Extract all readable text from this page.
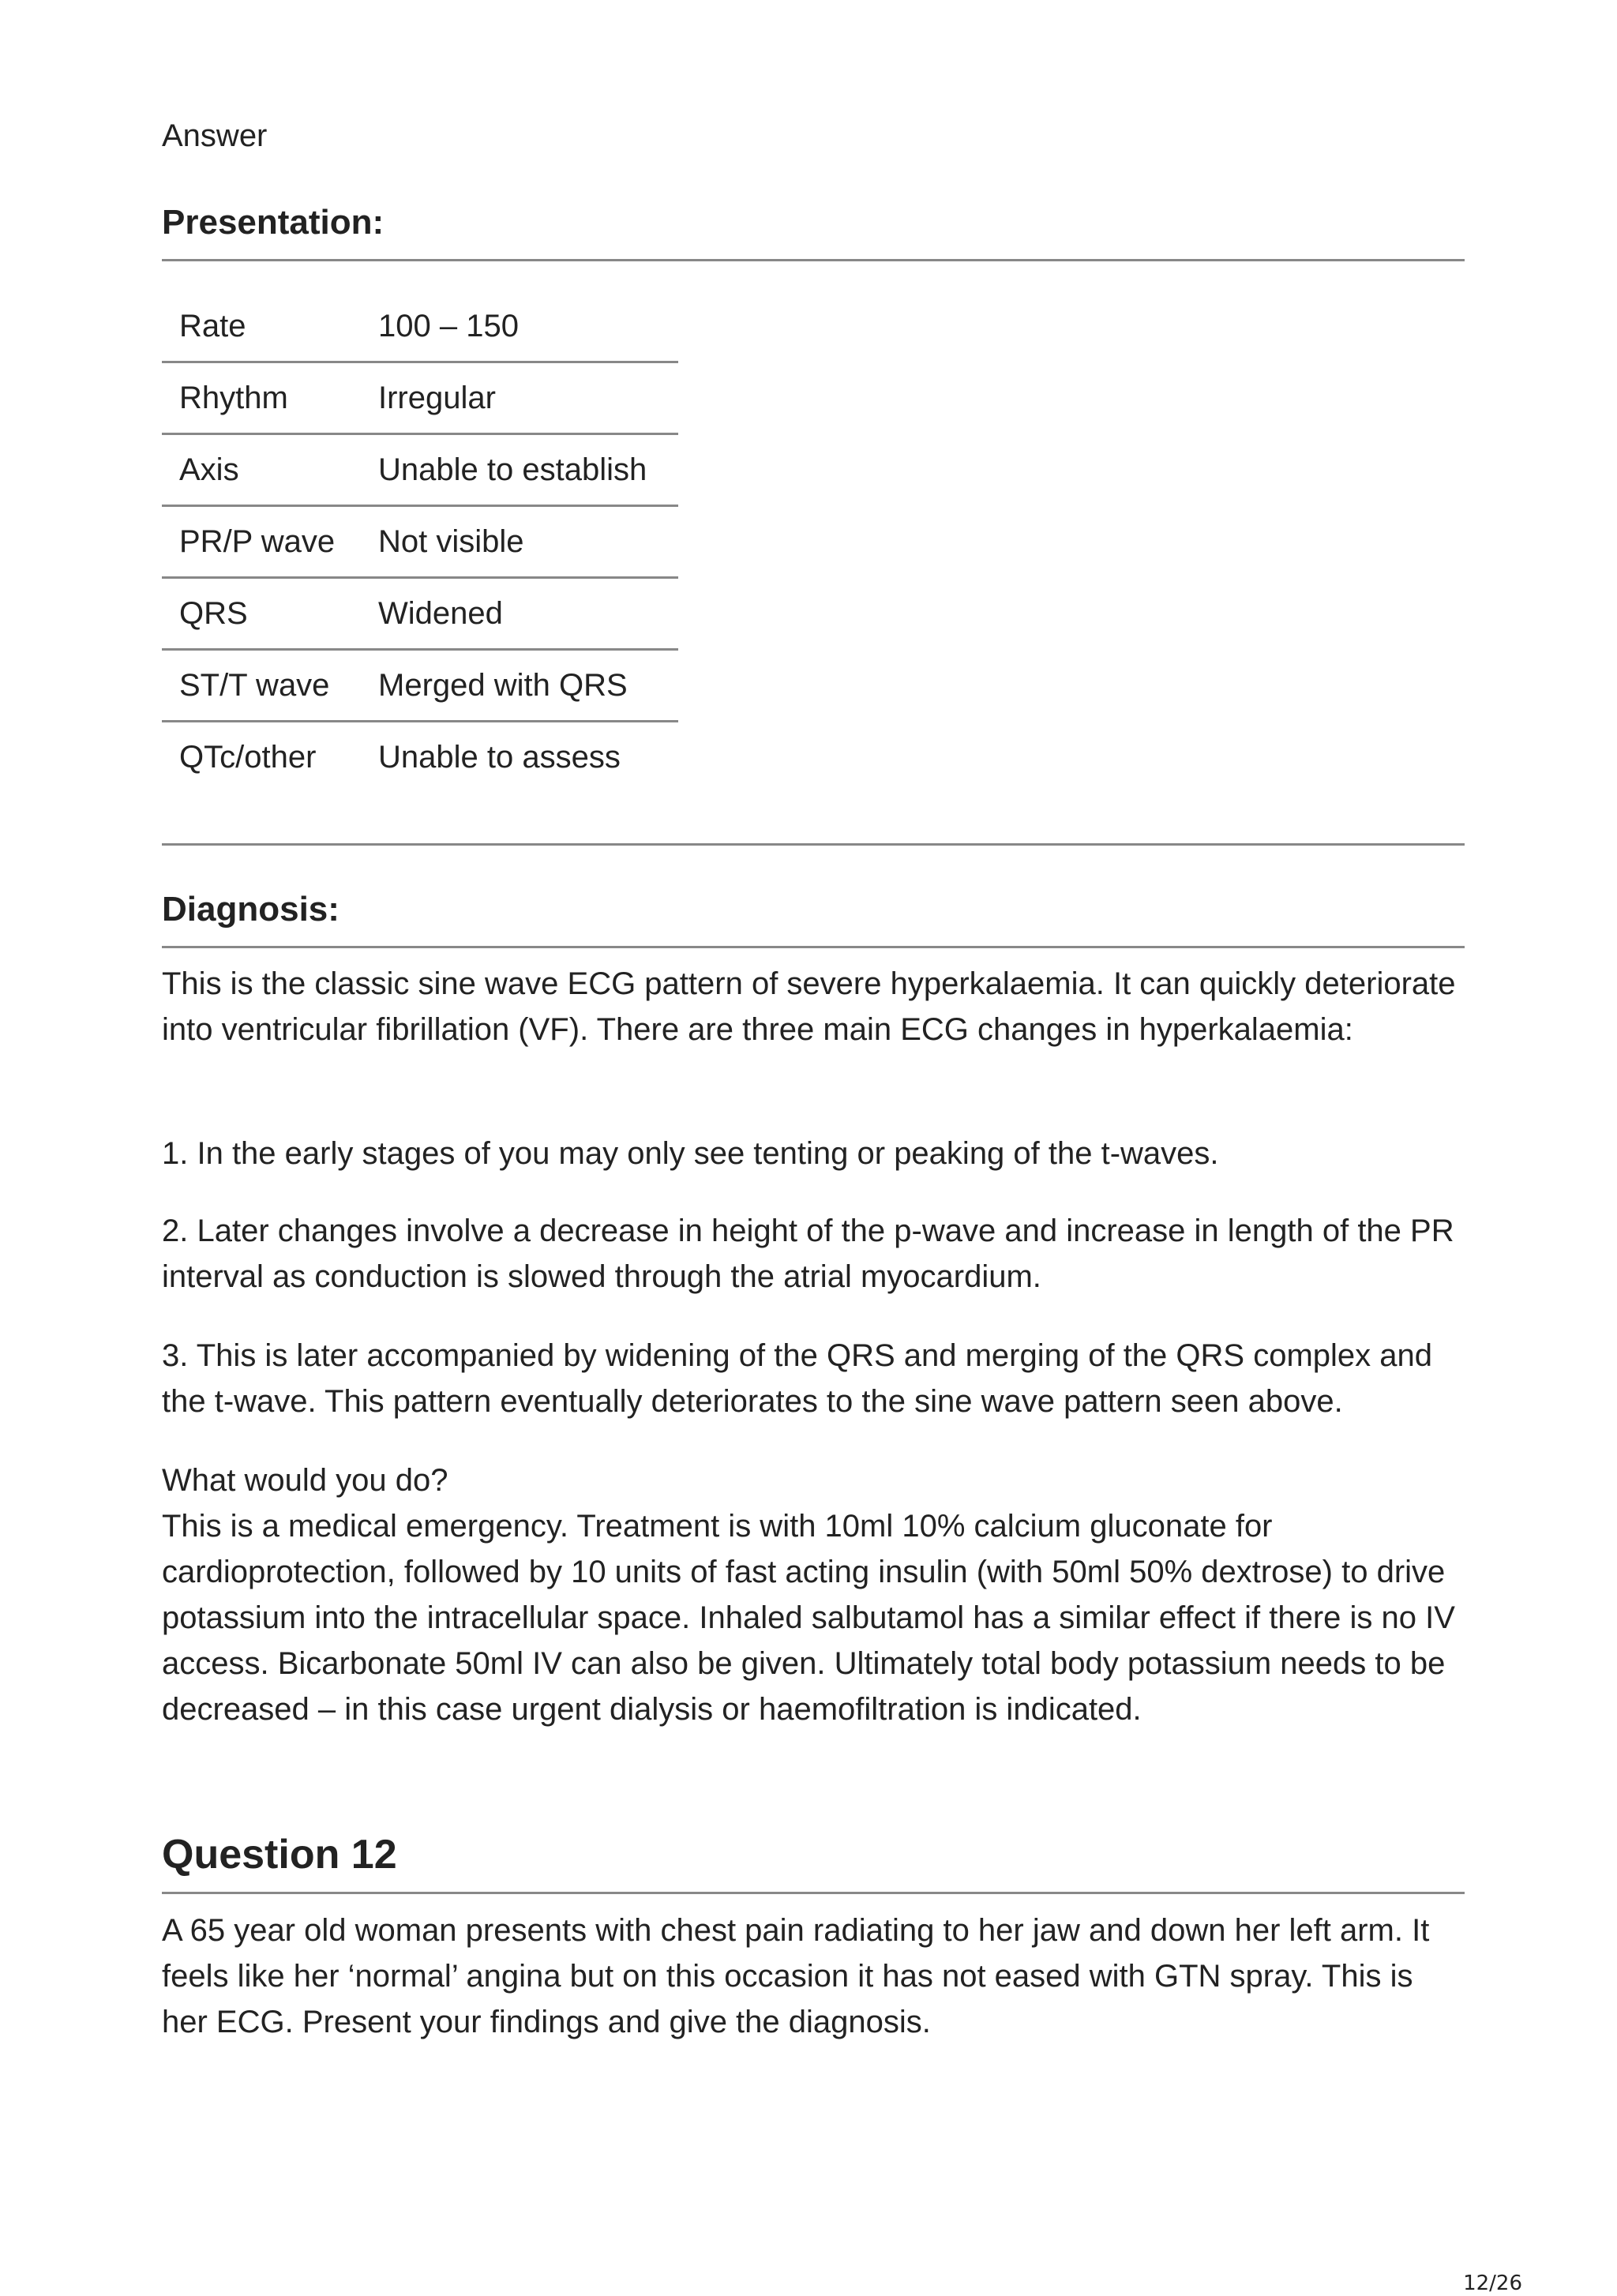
Answer
Presentation:
Rate	100 – 150
Rhythm	Irregular
Axis	Unable to establish
PR/P wave	Not visible
QRS	Widened
ST/T wave	Merged with QRS
QTc/other	Unable to assess
Diagnosis:

This is the classic sine wave ECG pattern of severe hyperkalaemia. It can quickly deteriorate into ventricular fibrillation (VF). There are three main ECG changes in hyperkalaemia:

1. In the early stages of you may only see tenting or peaking of the t-waves.

2. Later changes involve a decrease in height of the p-wave and increase in length of the PR interval as conduction is slowed through the atrial myocardium.

3. This is later accompanied by widening of the QRS and merging of the QRS complex and the t-wave. This pattern eventually deteriorates to the sine wave pattern seen above.

What would you do?

This is a medical emergency. Treatment is with 10ml 10% calcium gluconate for cardioprotection, followed by 10 units of fast acting insulin (with 50ml 50% dextrose) to drive potassium into the intracellular space. Inhaled salbutamol has a similar effect if there is no IV access. Bicarbonate 50ml IV can also be given. Ultimately total body potassium needs to be decreased – in this case urgent dialysis or haemofiltration is indicated.

Question 12

A 65 year old woman presents with chest pain radiating to her jaw and down her left arm. It feels like her ‘normal’ angina but on this occasion it has not eased with GTN spray. This is her ECG. Present your findings and give the diagnosis.

12/26
